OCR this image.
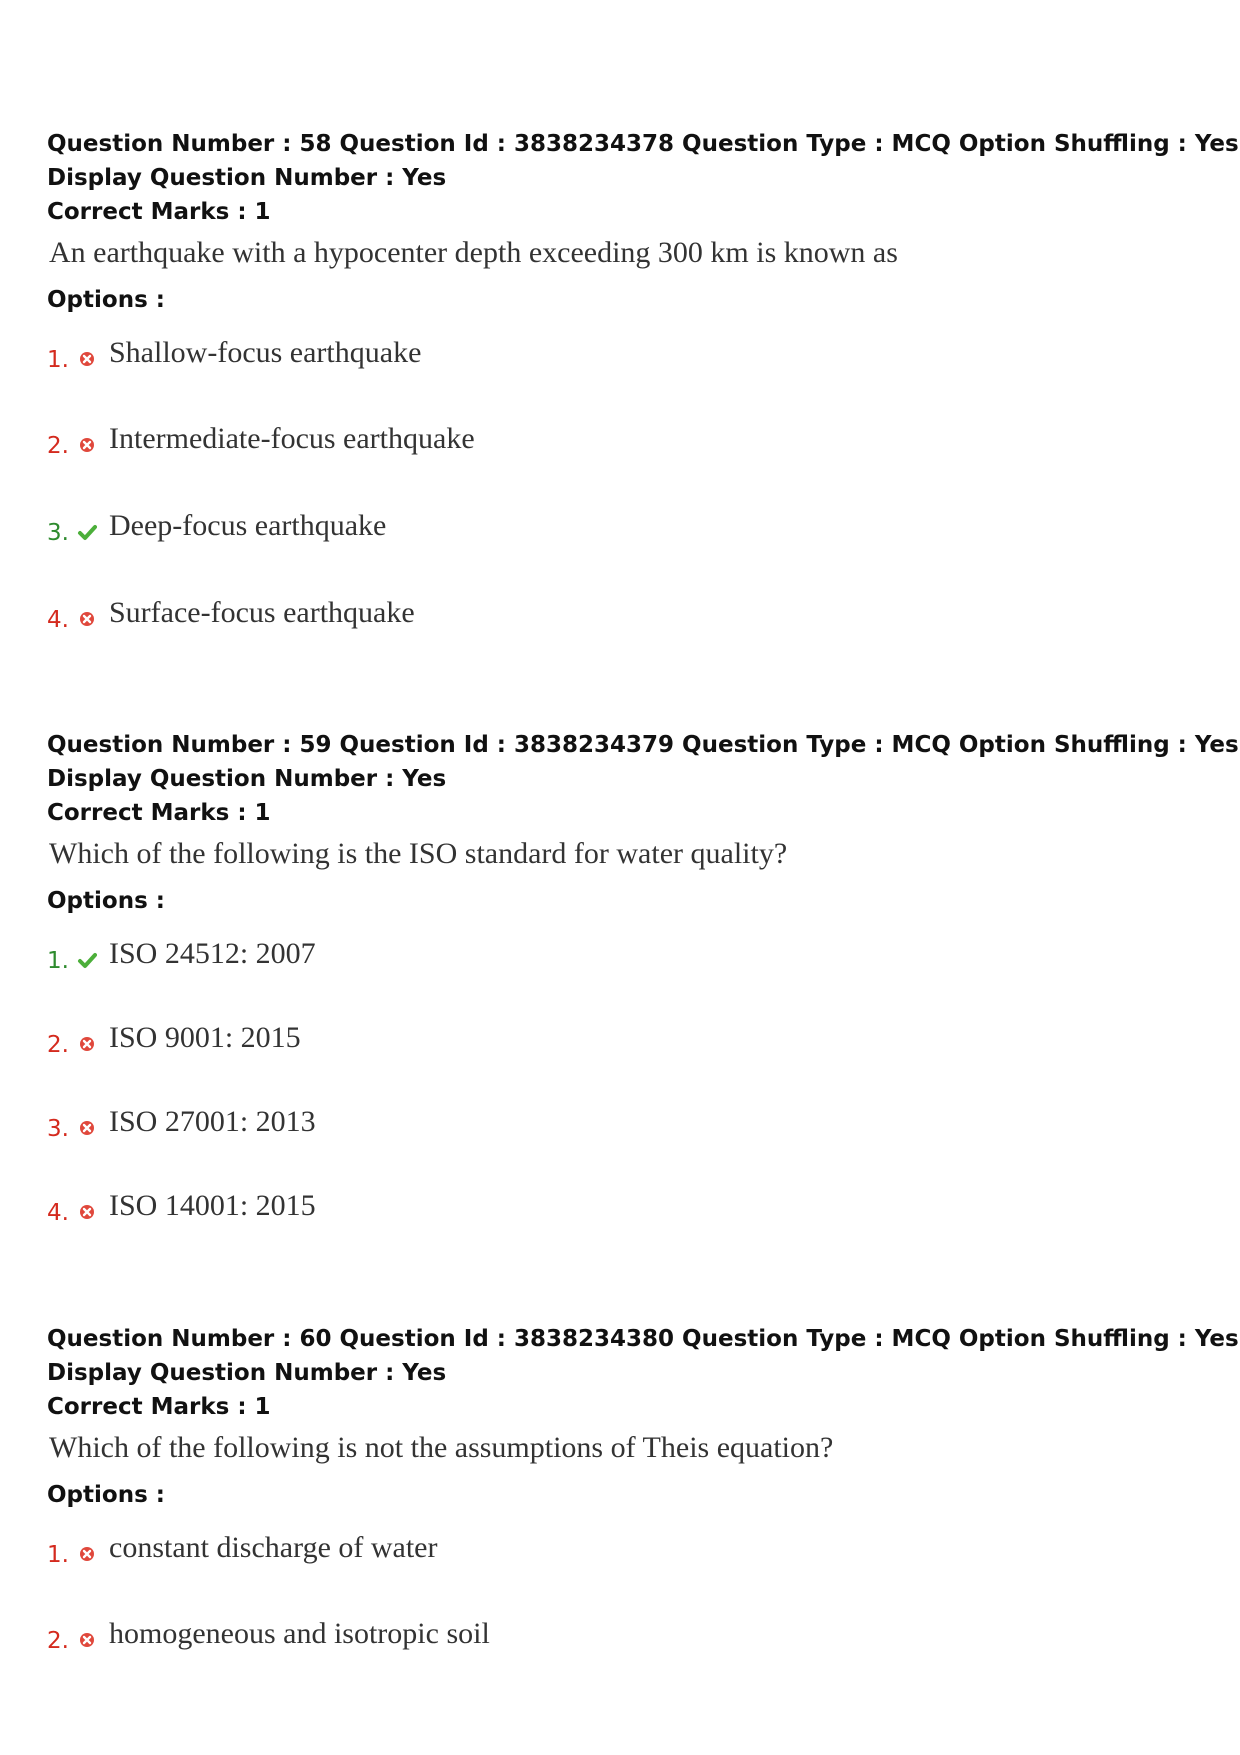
Question Number : 58 Question Id : 3838234378 Question Type : MCQ Option Shuffling : Yes

Display Question Number : Yes

Correct Marks : 1

An earthquake with a hypocenter depth exceeding 300 km is known as

Options :

1. Shallow-focus earthquake
2. Intermediate-focus earthquake
3. Deep-focus earthquake
4. Surface-focus earthquake

Question Number : 59 Question Id : 3838234379 Question Type : MCQ Option Shuffling : Yes

Display Question Number : Yes

Correct Marks : 1

Which of the following is the ISO standard for water quality?

Options :

1. ISO 24512: 2007
2. ISO 9001: 2015
3. ISO 27001: 2013
4. ISO 14001: 2015

Question Number : 60 Question Id : 3838234380 Question Type : MCQ Option Shuffling : Yes

Display Question Number : Yes

Correct Marks : 1

Which of the following is not the assumptions of Theis equation?

Options :

1. constant discharge of water
2. homogeneous and isotropic soil
